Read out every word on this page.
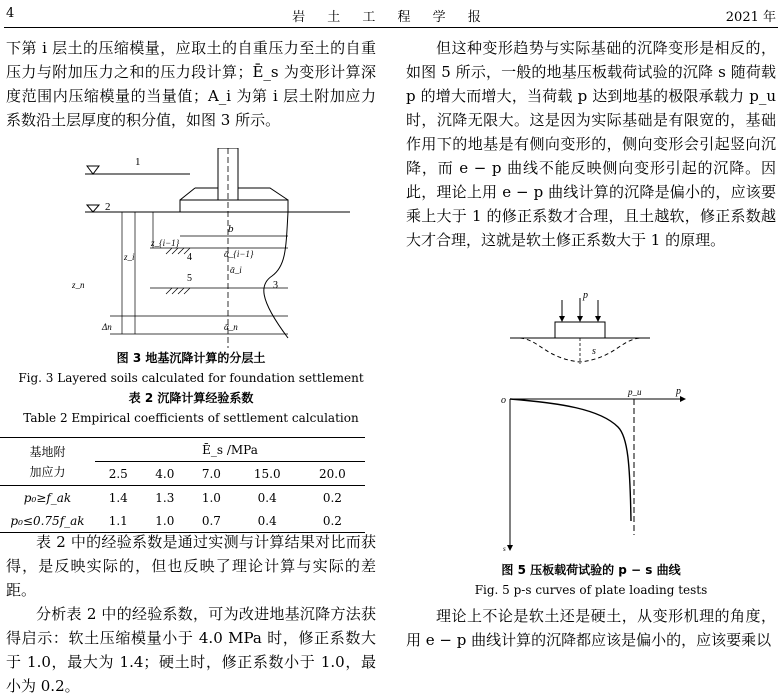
4	岩 土 工 程 学 报	2021 年

下第 i 层土的压缩模量，应取土的自重压力至土的自重压力与附加压力之和的压力段计算；Ē_s 为变形计算深度范围内压缩模量的当量值；A_i 为第 i 层土附加应力系数沿土层厚度的积分值，如图 3 所示。

1
2
b
4	ᾱ_{i−1}
5
ᾱ_i
Δn	ᾱ_n
3
z_{i−1}
z_i
z_n

图 3 地基沉降计算的分层土

Fig. 3 Layered soils calculated for foundation settlement

表 2 沉降计算经验系数

Table 2 Empirical coefficients of settlement calculation

基地附
加应力	Ē_s /MPa				
	2.5	4.0	7.0	15.0	20.0
p₀≥f_ak	1.4	1.3	1.0	0.4	0.2
p₀≤0.75f_ak	1.1	1.0	0.7	0.4	0.2

表 2 中的经验系数是通过实测与计算结果对比而获得，是反映实际的，但也反映了理论计算与实际的差距。

分析表 2 中的经验系数，可为改进地基沉降方法获得启示：软土压缩模量小于 4.0 MPa 时，修正系数大于 1.0，最大为 1.4；硬土时，修正系数小于 1.0，最小为 0.2。

但这种变形趋势与实际基础的沉降变形是相反的，如图 5 所示，一般的地基压板载荷试验的沉降 s 随荷载 p 的增大而增大，当荷载 p 达到地基的极限承载力 p_u 时，沉降无限大。这是因为实际基础是有限宽的，基础作用下的地基是有侧向变形的，侧向变形会引起竖向沉降，而 e − p 曲线不能反映侧向变形引起的沉降。因此，理论上用 e − p 曲线计算的沉降是偏小的，应该要乘上大于 1 的修正系数才合理，且土越软，修正系数越大才合理，这就是软土修正系数大于 1 的原理。

p
s
o
p
s
p_u

图 5 压板载荷试验的 p − s 曲线

Fig. 5 p-s curves of plate loading tests

理论上不论是软土还是硬土，从变形机理的角度，用 e − p 曲线计算的沉降都应该是偏小的，应该要乘以
